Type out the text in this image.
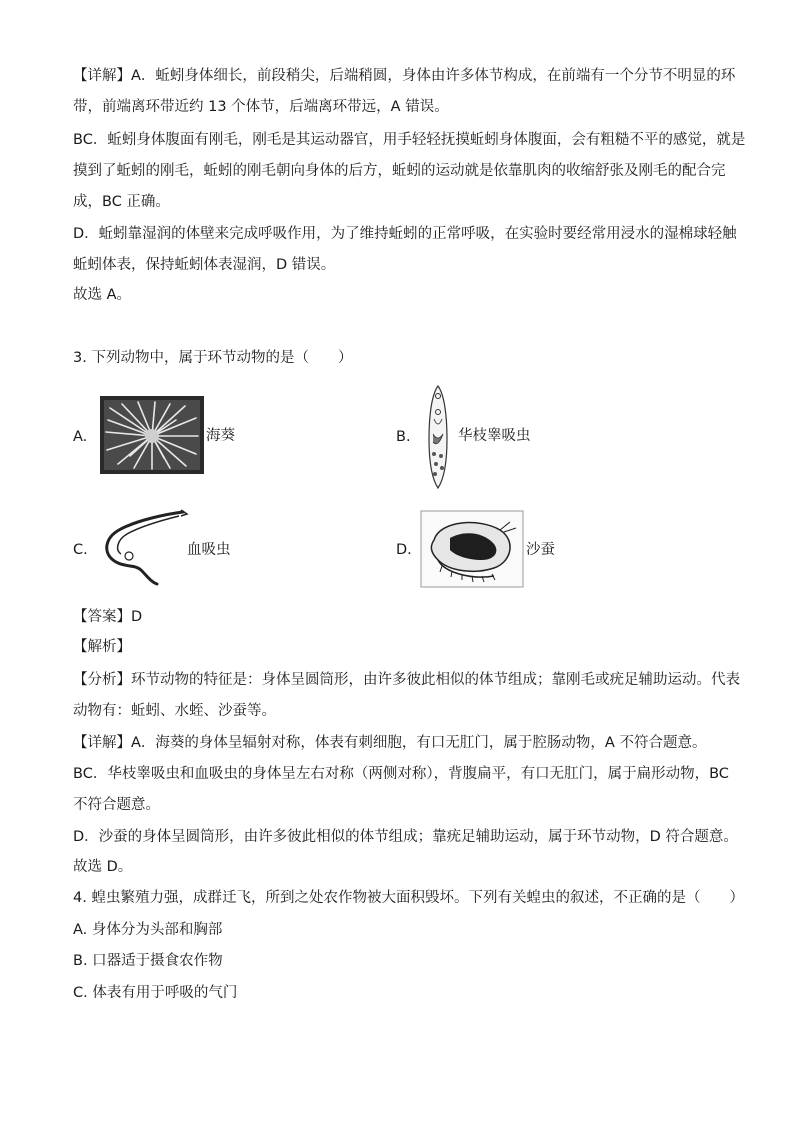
【详解】A．蚯蚓身体细长，前段稍尖，后端稍圆，身体由许多体节构成，在前端有一个分节不明显的环
带，前端离环带近约 13 个体节，后端离环带远，A 错误。
BC．蚯蚓身体腹面有刚毛，刚毛是其运动器官，用手轻轻抚摸蚯蚓身体腹面，会有粗糙不平的感觉，就是
摸到了蚯蚓的刚毛，蚯蚓的刚毛朝向身体的后方，蚯蚓的运动就是依靠肌肉的收缩舒张及刚毛的配合完
成，BC 正确。
D．蚯蚓靠湿润的体壁来完成呼吸作用，为了维持蚯蚓的正常呼吸，在实验时要经常用浸水的湿棉球轻触
蚯蚓体表，保持蚯蚓体表湿润，D 错误。
故选 A。
3. 下列动物中，属于环节动物的是（　　）
A.	海葵	B.	华枝睾吸虫
C.	血吸虫	D.	沙蚕
【答案】D
【解析】
【分析】环节动物的特征是：身体呈圆筒形，由许多彼此相似的体节组成；靠刚毛或疣足辅助运动。代表
动物有：蚯蚓、水蛭、沙蚕等。
【详解】A．海葵的身体呈辐射对称，体表有刺细胞，有口无肛门，属于腔肠动物，A 不符合题意。
BC．华枝睾吸虫和血吸虫的身体呈左右对称（两侧对称），背腹扁平，有口无肛门，属于扁形动物，BC
不符合题意。
D．沙蚕的身体呈圆筒形，由许多彼此相似的体节组成；靠疣足辅助运动，属于环节动物，D 符合题意。
故选 D。
4. 蝗虫繁殖力强，成群迁飞，所到之处农作物被大面积毁坏。下列有关蝗虫的叙述，不正确的是（　　）
A. 身体分为头部和胸部
B. 口器适于摄食农作物
C. 体表有用于呼吸的气门
